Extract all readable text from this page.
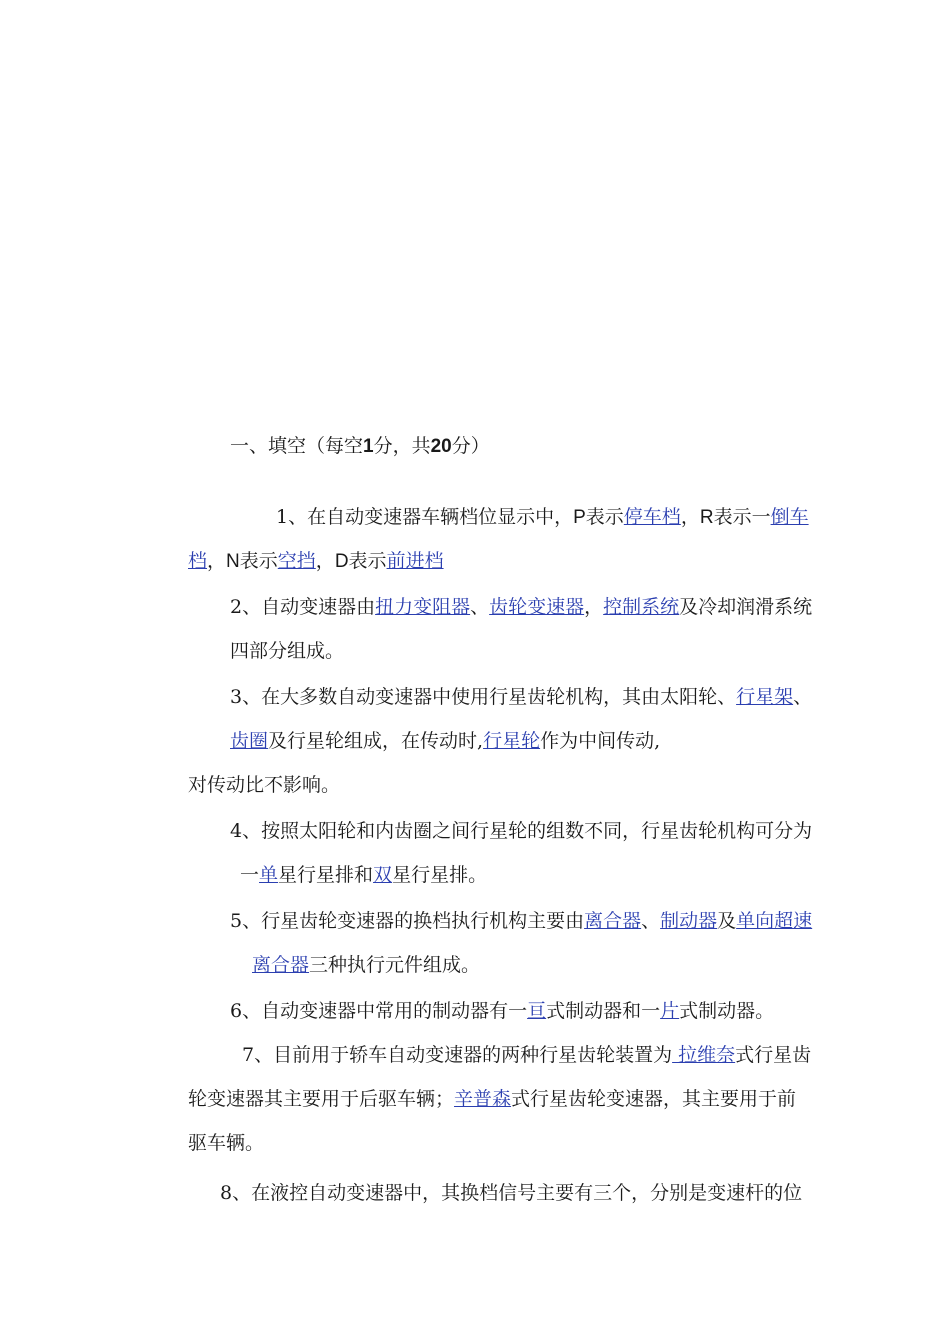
一、填空（每空1分，共20分）
1、在自动变速器车辆档位显示中，P表示停车档，R表示一倒车
档，N表示空挡，D表示前进档
2、自动变速器由扭力变阻器、齿轮变速器，控制系统及冷却润滑系统
四部分组成。
3、在大多数自动变速器中使用行星齿轮机构，其由太阳轮、行星架、
齿圈及行星轮组成，在传动时,行星轮作为中间传动,
对传动比不影响。
4、按照太阳轮和内齿圈之间行星轮的组数不同，行星齿轮机构可分为
一单星行星排和双星行星排。
5、行星齿轮变速器的换档执行机构主要由离合器、制动器及单向超速
离合器三种执行元件组成。
6、自动变速器中常用的制动器有一亘式制动器和一片式制动器。
7、目前用于轿车自动变速器的两种行星齿轮装置为 拉维奈式行星齿
轮变速器其主要用于后驱车辆；辛普森式行星齿轮变速器，其主要用于前
驱车辆。
8、在液控自动变速器中，其换档信号主要有三个，分别是变速杆的位
